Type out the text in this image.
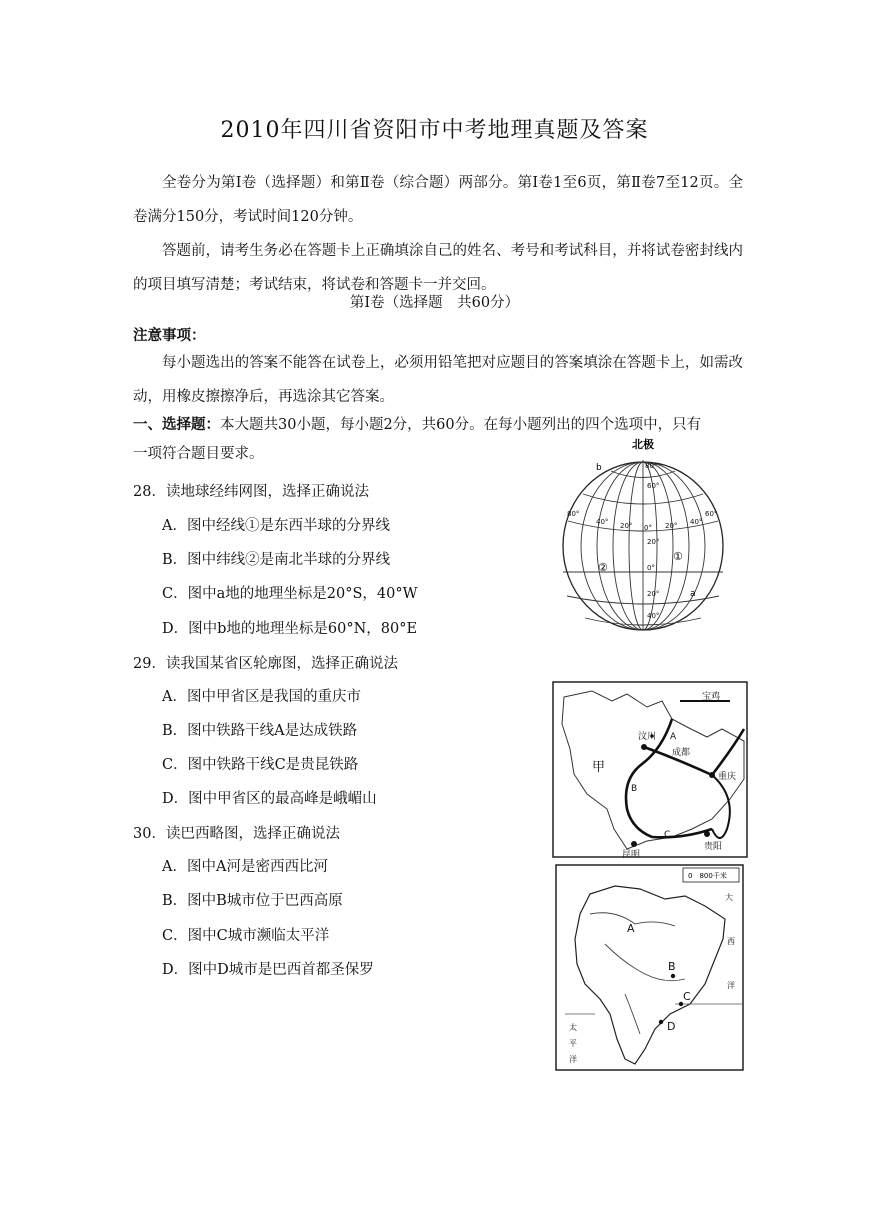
2010年四川省资阳市中考地理真题及答案
全卷分为第Ⅰ卷（选择题）和第Ⅱ卷（综合题）两部分。第Ⅰ卷1至6页，第Ⅱ卷7至12页。全卷满分150分，考试时间120分钟。
答题前，请考生务必在答题卡上正确填涂自己的姓名、考号和考试科目，并将试卷密封线内的项目填写清楚；考试结束，将试卷和答题卡一并交回。
第Ⅰ卷（选择题　共60分）
注意事项：
每小题选出的答案不能答在试卷上，必须用铅笔把对应题目的答案填涂在答题卡上，如需改动，用橡皮擦擦净后，再选涂其它答案。
一、选择题：本大题共30小题，每小题2分，共60分。在每小题列出的四个选项中，只有
一项符合题目要求。
28．读地球经纬网图，选择正确说法
A．图中经线①是东西半球的分界线
B．图中纬线②是南北半球的分界线
C．图中a地的地理坐标是20°S，40°W
D．图中b地的地理坐标是60°N，80°E
29．读我国某省区轮廓图，选择正确说法
A．图中甲省区是我国的重庆市
B．图中铁路干线A是达成铁路
C．图中铁路干线C是贵昆铁路
D．图中甲省区的最高峰是峨嵋山
30．读巴西略图，选择正确说法
A．图中A河是密西西比河
B．图中B城市位于巴西高原
C．图中C城市濒临太平洋
D．图中D城市是巴西首都圣保罗
北极
80°
60°
80°
40° 20° 0° 20° 40°
60°
20°
0°
20°
40°
b
a
①
②
宝鸡
汶川 A
成都
甲
B
重庆
C
贵阳
昆明
0　800千米
A
B
C
D
大
西
洋
太
平
洋
